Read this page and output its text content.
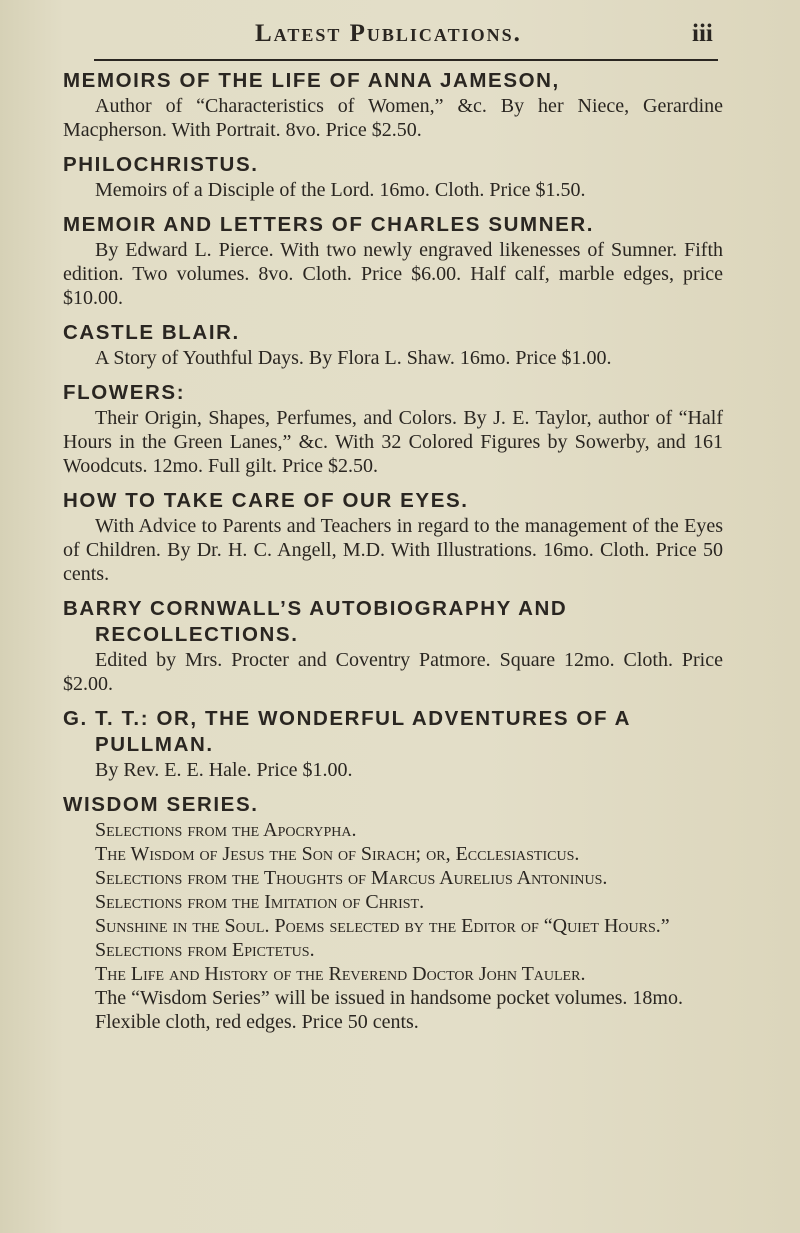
Latest Publications.	iii

MEMOIRS OF THE LIFE OF ANNA JAMESON,

Author of “Characteristics of Women,” &c. By her Niece, Gerardine Macpherson. With Portrait. 8vo. Price $2.50.

PHILOCHRISTUS.

Memoirs of a Disciple of the Lord. 16mo. Cloth. Price $1.50.

MEMOIR AND LETTERS OF CHARLES SUMNER.

By Edward L. Pierce. With two newly engraved likenesses of Sumner. Fifth edition. Two volumes. 8vo. Cloth. Price $6.00. Half calf, marble edges, price $10.00.

CASTLE BLAIR.

A Story of Youthful Days. By Flora L. Shaw. 16mo. Price $1.00.

FLOWERS:

Their Origin, Shapes, Perfumes, and Colors. By J. E. Taylor, author of “Half Hours in the Green Lanes,” &c. With 32 Colored Figures by Sowerby, and 161 Woodcuts. 12mo. Full gilt. Price $2.50.

HOW TO TAKE CARE OF OUR EYES.

With Advice to Parents and Teachers in regard to the management of the Eyes of Children. By Dr. H. C. Angell, M.D. With Illustrations. 16mo. Cloth. Price 50 cents.

BARRY CORNWALL’S AUTOBIOGRAPHY AND RECOLLECTIONS.

Edited by Mrs. Procter and Coventry Patmore. Square 12mo. Cloth. Price $2.00.

G. T. T.: OR, THE WONDERFUL ADVENTURES OF A PULLMAN.

By Rev. E. E. Hale. Price $1.00.

WISDOM SERIES.

Selections from the Apocrypha.
The Wisdom of Jesus the Son of Sirach; or, Ecclesiasticus.
Selections from the Thoughts of Marcus Aurelius Antoninus.
Selections from the Imitation of Christ.
Sunshine in the Soul. Poems selected by the Editor of “Quiet Hours.”
Selections from Epictetus.
The Life and History of the Reverend Doctor John Tauler.

The “Wisdom Series” will be issued in handsome pocket volumes. 18mo. Flexible cloth, red edges. Price 50 cents.
